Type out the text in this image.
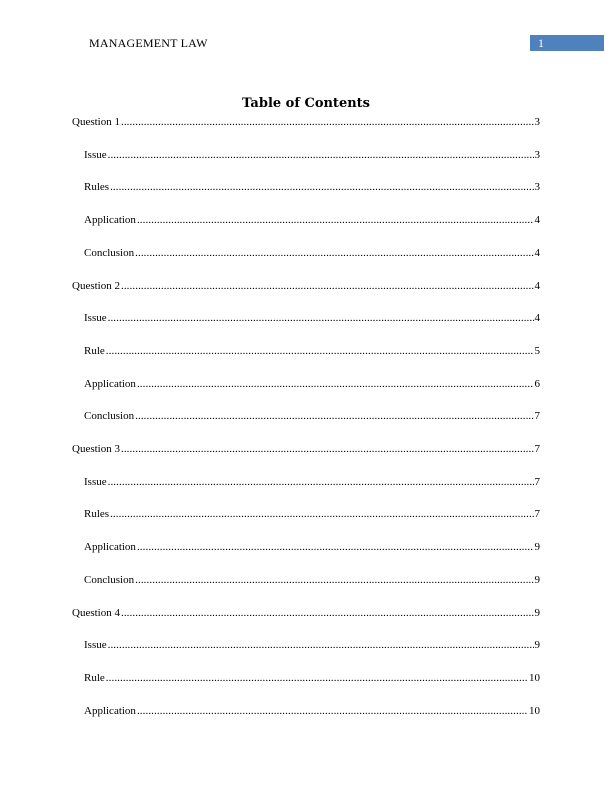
MANAGEMENT LAW	1
Table of Contents
Question 1 .....	3
Issue .....	3
Rules .....	3
Application .....	4
Conclusion .....	4
Question 2 .....	4
Issue .....	4
Rule .....	5
Application .....	6
Conclusion .....	7
Question 3 .....	7
Issue .....	7
Rules .....	7
Application .....	9
Conclusion .....	9
Question 4 .....	9
Issue .....	9
Rule .....	10
Application .....	10
